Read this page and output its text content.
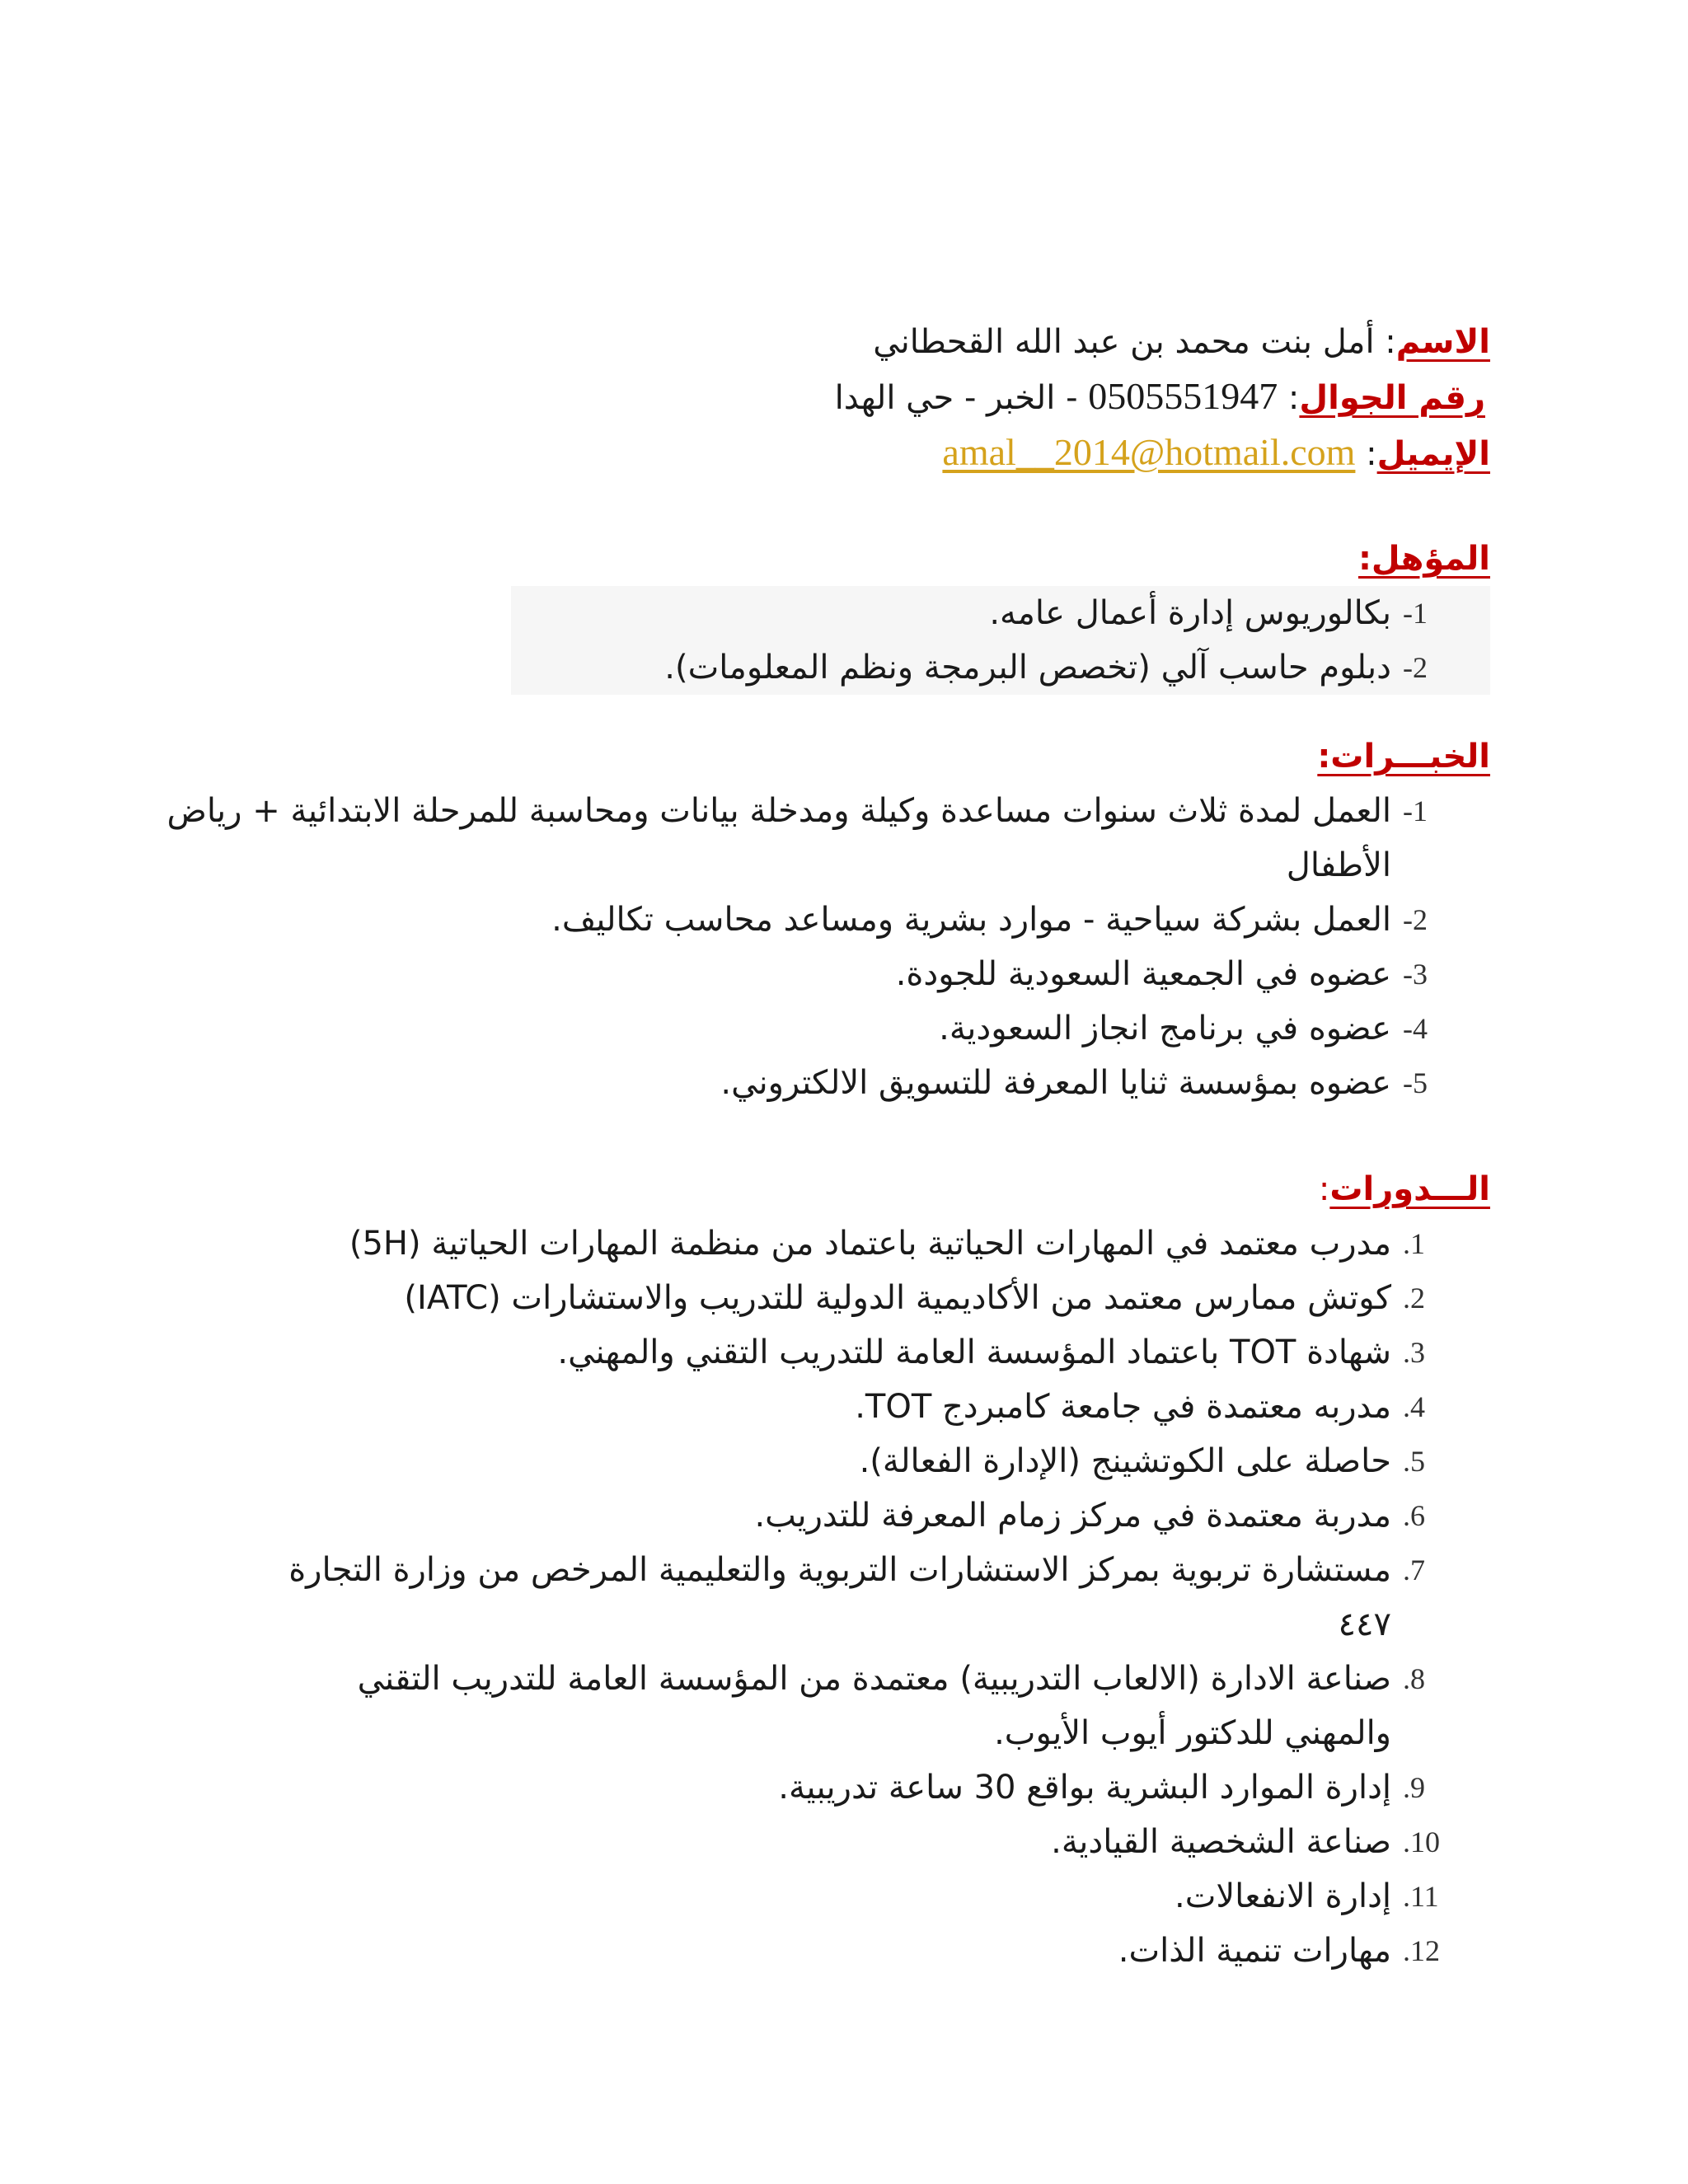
الاسم: أمل بنت محمد بن عبد الله القحطاني
رقم الجوال: 0505551947 - الخبر - حي الهدا
الإيميل: amal__2014@hotmail.com
المؤهل:
-1
بكالوريوس إدارة أعمال عامه.
-2
دبلوم حاسب آلي (تخصص البرمجة ونظم المعلومات).
الخبـــرات:
-1
العمل لمدة ثلاث سنوات مساعدة وكيلة ومدخلة بيانات ومحاسبة للمرحلة الابتدائية + رياض الأطفال
-2
العمل بشركة سياحية - موارد بشرية ومساعد محاسب تكاليف.
-3
عضوه في الجمعية السعودية للجودة.
-4
عضوه في برنامج انجاز السعودية.
-5
عضوه بمؤسسة ثنايا المعرفة للتسويق الالكتروني.
الـــدورات:
.1
مدرب معتمد في المهارات الحياتية باعتماد من منظمة المهارات الحياتية (5H)
.2
كوتش ممارس معتمد من الأكاديمية الدولية للتدريب والاستشارات (IATC)
.3
شهادة TOT باعتماد المؤسسة العامة للتدريب التقني والمهني.
.4
مدربه معتمدة في جامعة كامبردج TOT.
.5
حاصلة على الكوتشينج (الإدارة الفعالة).
.6
مدربة معتمدة في مركز زمام المعرفة للتدريب.
.7
مستشارة تربوية بمركز الاستشارات التربوية والتعليمية المرخص من وزارة التجارة ٤٤٧
.8
صناعة الادارة (الالعاب التدريبية) معتمدة من المؤسسة العامة للتدريب التقني والمهني للدكتور أيوب الأيوب.
.9
إدارة الموارد البشرية بواقع 30 ساعة تدريبية.
.10
صناعة الشخصية القيادية.
.11
إدارة الانفعالات.
.12
مهارات تنمية الذات.
